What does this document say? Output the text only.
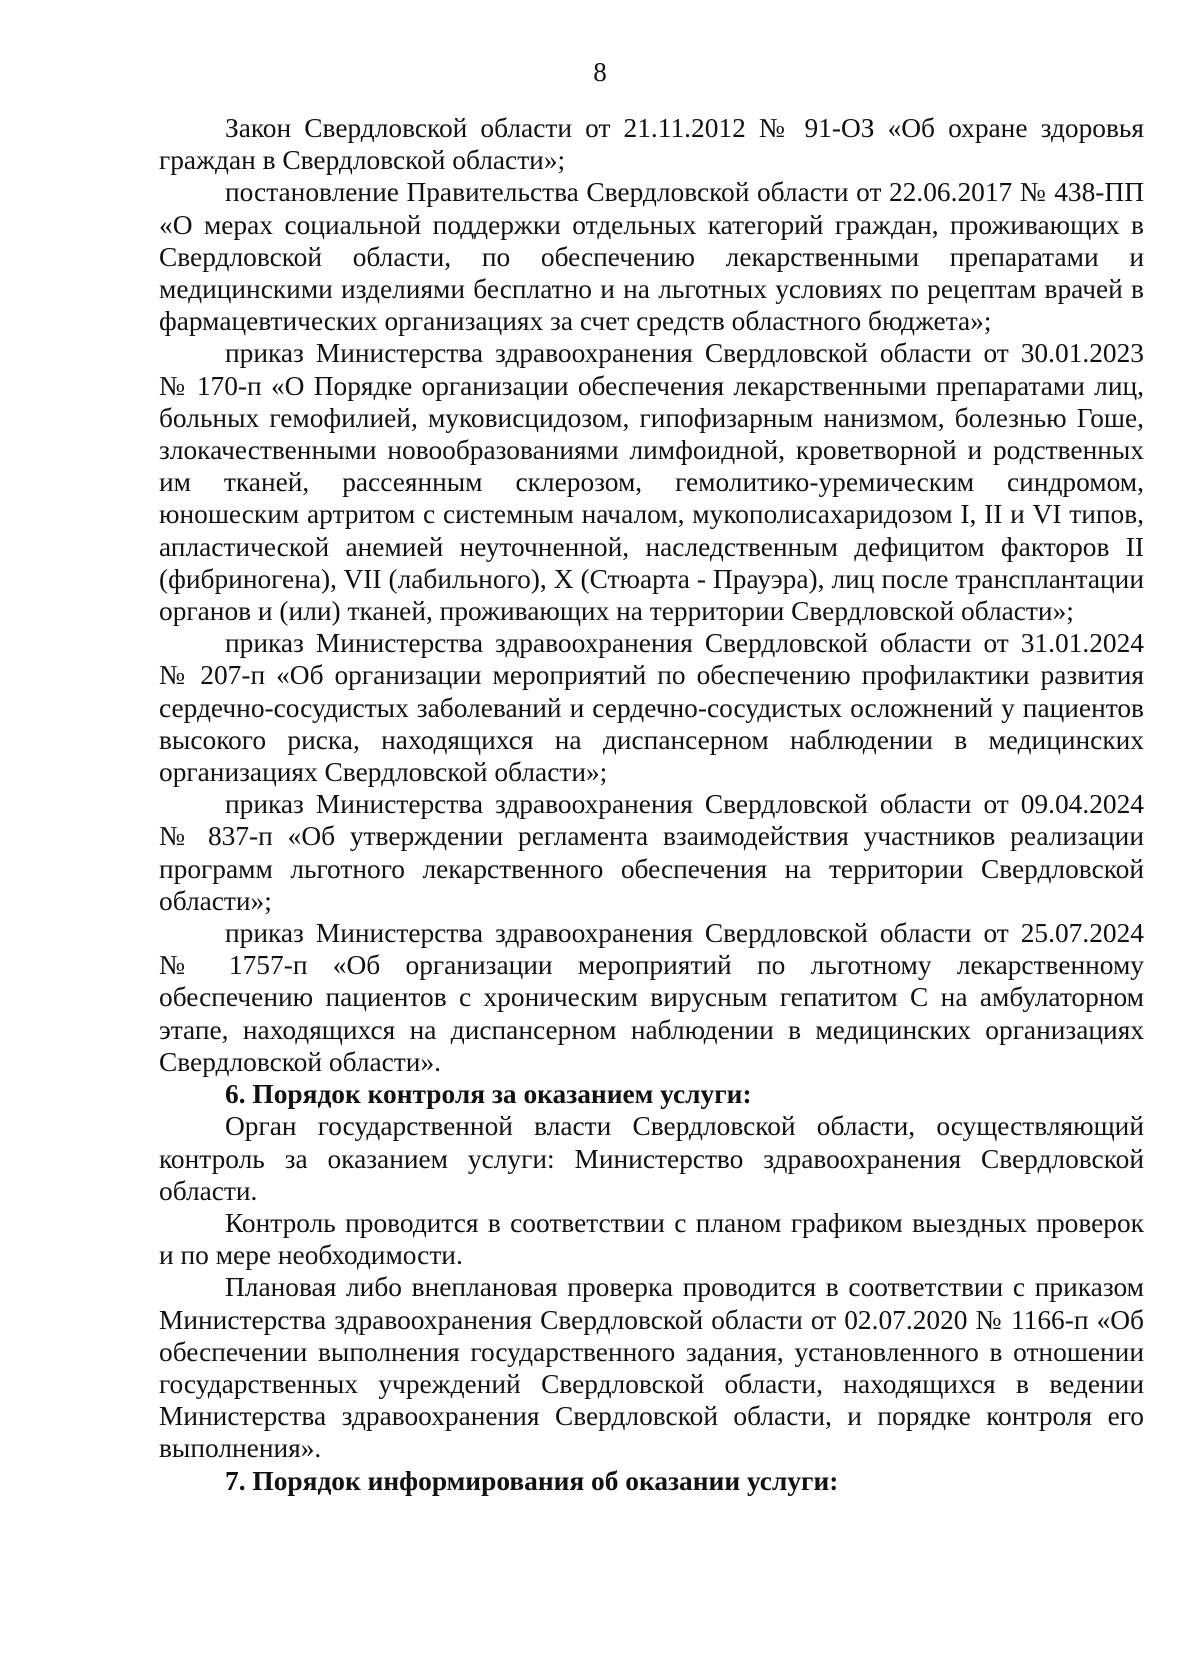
8

Закон Свердловской области от 21.11.2012 № 91-ОЗ «Об охране здоровья граждан в Свердловской области»;

постановление Правительства Свердловской области от 22.06.2017 № 438-ПП «О мерах социальной поддержки отдельных категорий граждан, проживающих в Свердловской области, по обеспечению лекарственными препаратами и медицинскими изделиями бесплатно и на льготных условиях по рецептам врачей в фармацевтических организациях за счет средств областного бюджета»;

приказ Министерства здравоохранения Свердловской области от 30.01.2023 № 170-п «О Порядке организации обеспечения лекарственными препаратами лиц, больных гемофилией, муковисцидозом, гипофизарным нанизмом, болезнью Гоше, злокачественными новообразованиями лимфоидной, кроветворной и родственных им тканей, рассеянным склерозом, гемолитико-уремическим синдромом, юношеским артритом с системным началом, мукополисахаридозом I, II и VI типов, апластической анемией неуточненной, наследственным дефицитом факторов II (фибриногена), VII (лабильного), X (Стюарта - Прауэра), лиц после трансплантации органов и (или) тканей, проживающих на территории Свердловской области»;

приказ Министерства здравоохранения Свердловской области от 31.01.2024 № 207-п «Об организации мероприятий по обеспечению профилактики развития сердечно-сосудистых заболеваний и сердечно-сосудистых осложнений у пациентов высокого риска, находящихся на диспансерном наблюдении в медицинских организациях Свердловской области»;

приказ Министерства здравоохранения Свердловской области от 09.04.2024 № 837-п «Об утверждении регламента взаимодействия участников реализации программ льготного лекарственного обеспечения на территории Свердловской области»;

приказ Министерства здравоохранения Свердловской области от 25.07.2024 № 1757-п «Об организации мероприятий по льготному лекарственному обеспечению пациентов с хроническим вирусным гепатитом С на амбулаторном этапе, находящихся на диспансерном наблюдении в медицинских организациях Свердловской области».

6. Порядок контроля за оказанием услуги:

Орган государственной власти Свердловской области, осуществляющий контроль за оказанием услуги: Министерство здравоохранения Свердловской области.

Контроль проводится в соответствии с планом графиком выездных проверок и по мере необходимости.

Плановая либо внеплановая проверка проводится в соответствии с приказом Министерства здравоохранения Свердловской области от 02.07.2020 № 1166-п «Об обеспечении выполнения государственного задания, установленного в отношении государственных учреждений Свердловской области, находящихся в ведении Министерства здравоохранения Свердловской области, и порядке контроля его выполнения».

7. Порядок информирования об оказании услуги:
